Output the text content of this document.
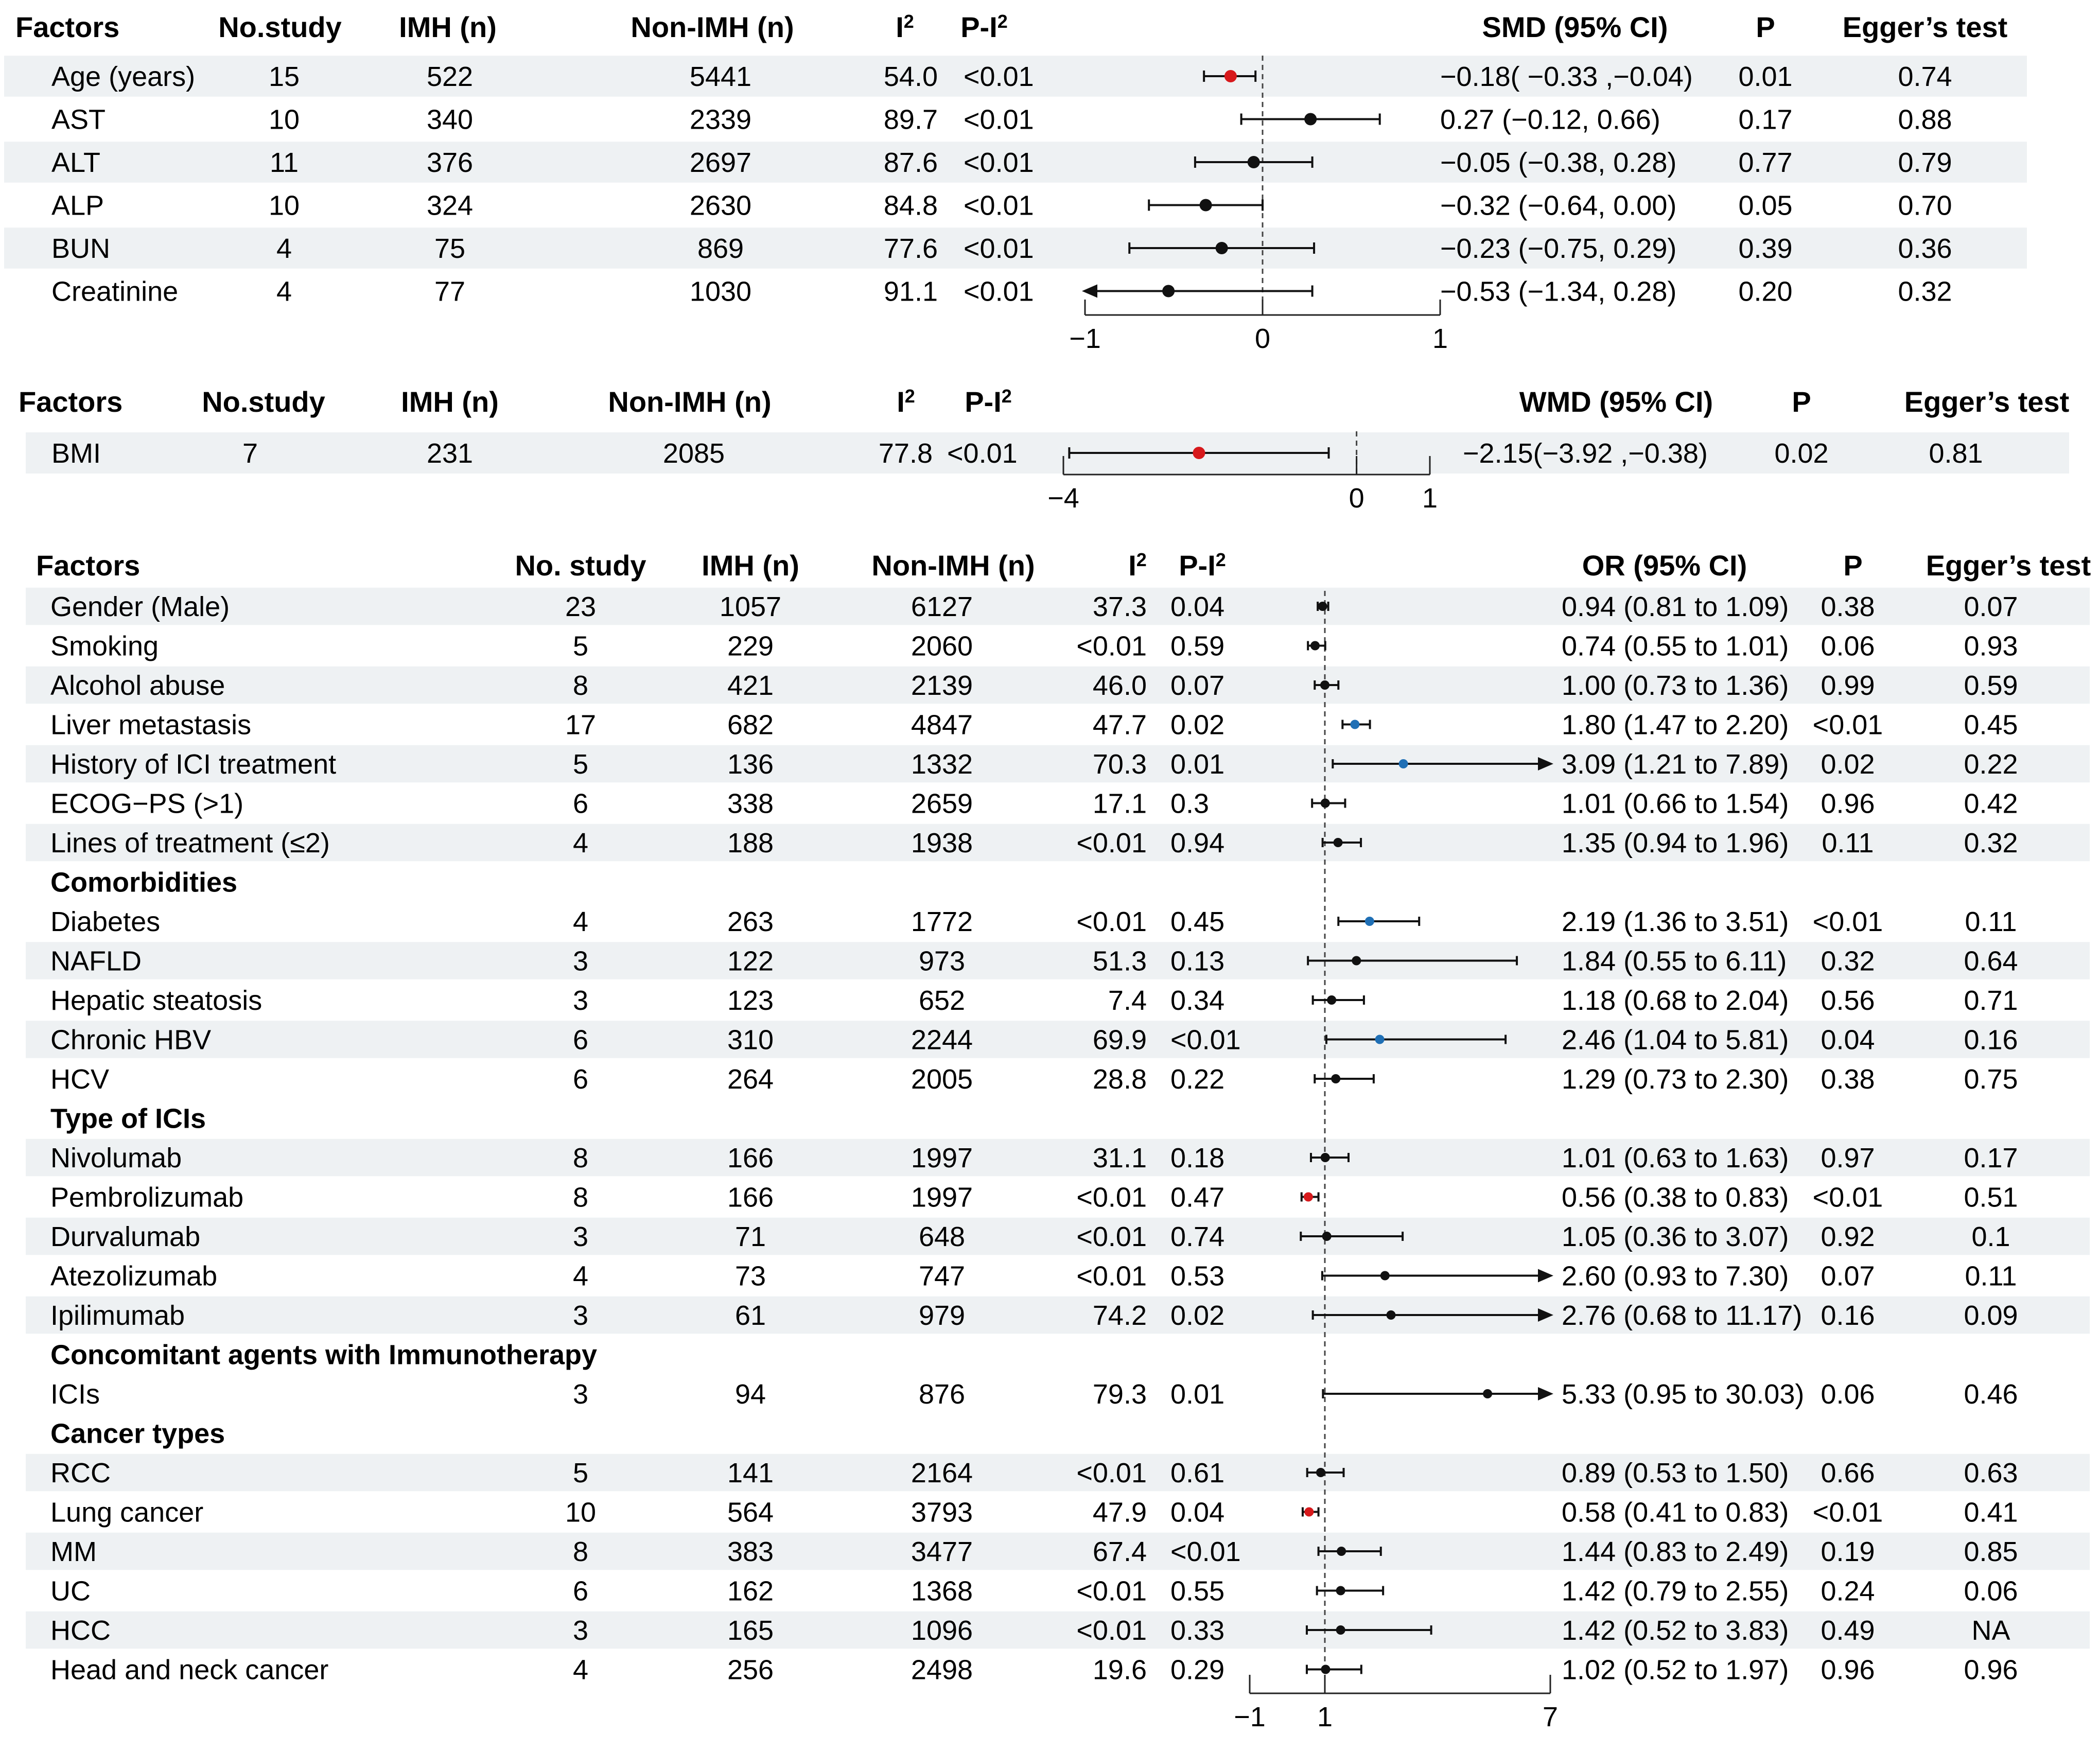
Factors	No.study IMH (n)	Non-IMH (n)	$I^2$ $P-I^2$	SMD (95% CI)	P Egger’s test
−1	0	1
Age (years)	15	522	5441	54.0 <0.01	−0.18( −0.33 ,−0.04) 0.01	0.74
AST	10	340	2339	89.7 <0.01	0.27 (−0.12, 0.66)	0.17	0.88
ALT	11	376	2697	87.6 <0.01	−0.05 (−0.38, 0.28) 0.77	0.79
ALP	10	324	2630	84.8 <0.01	−0.32 (−0.64, 0.00) 0.05	0.70
BUN	4	75	869	77.6 <0.01	−0.23 (−0.75, 0.29) 0.39	0.36
Creatinine	4	77	1030	91.1 <0.01	−0.53 (−1.34, 0.28) 0.20	0.32
Factors	No.study	IMH (n)	Non-IMH (n)	$I^2$ $P-I^2$	WMD (95% CI)	P	Egger’s test
−4	0 1
BMI	7	231	2085	77.8 <0.01	−2.15(−3.92 ,−0.38) 0.02	0.81
Factors	No. study IMH (n)	Non-IMH (n)	$I^2$ $P-I^2$	OR (95% CI)	P Egger’s test
−1 1	7
Gender (Male)	23	1057	6127	37.3 0.04	0.94 (0.81 to 1.09) 0.38	0.07
Smoking	5	229	2060	<0.01 0.59	0.74 (0.55 to 1.01) 0.06	0.93
Alcohol abuse	8	421	2139	46.0 0.07	1.00 (0.73 to 1.36) 0.99	0.59
Liver metastasis	17	682	4847	47.7 0.02	1.80 (1.47 to 2.20) <0.01	0.45
History of ICI treatment	5	136	1332	70.3 0.01	3.09 (1.21 to 7.89) 0.02	0.22
ECOG−PS (>1)	6	338	2659	17.1 0.3	1.01 (0.66 to 1.54) 0.96	0.42
Lines of treatment (≤2)	4	188	1938	<0.01 0.94	1.35 (0.94 to 1.96) 0.11	0.32
Comorbidities
Diabetes	4	263	1772	<0.01 0.45	2.19 (1.36 to 3.51) <0.01	0.11
NAFLD	3	122	973	51.3 0.13	1.84 (0.55 to 6.11) 0.32	0.64
Hepatic steatosis	3	123	652	7.4 0.34	1.18 (0.68 to 2.04) 0.56	0.71
Chronic HBV	6	310	2244	69.9 <0.01	2.46 (1.04 to 5.81) 0.04	0.16
HCV	6	264	2005	28.8 0.22	1.29 (0.73 to 2.30) 0.38	0.75
Type of ICIs
Nivolumab	8	166	1997	31.1 0.18	1.01 (0.63 to 1.63) 0.97	0.17
Pembrolizumab	8	166	1997	<0.01 0.47	0.56 (0.38 to 0.83) <0.01	0.51
Durvalumab	3	71	648	<0.01 0.74	1.05 (0.36 to 3.07) 0.92	0.1
Atezolizumab	4	73	747	<0.01 0.53	2.60 (0.93 to 7.30) 0.07	0.11
Ipilimumab	3	61	979	74.2 0.02	2.76 (0.68 to 11.17) 0.16	0.09
Concomitant agents with Immunotherapy
ICIs	3	94	876	79.3 0.01	5.33 (0.95 to 30.03) 0.06	0.46
Cancer types
RCC	5	141	2164	<0.01 0.61	0.89 (0.53 to 1.50) 0.66	0.63
Lung cancer	10	564	3793	47.9 0.04	0.58 (0.41 to 0.83) <0.01	0.41
MM	8	383	3477	67.4 <0.01	1.44 (0.83 to 2.49) 0.19	0.85
UC	6	162	1368	<0.01 0.55	1.42 (0.79 to 2.55) 0.24	0.06
HCC	3	165	1096	<0.01 0.33	1.42 (0.52 to 3.83) 0.49	NA
Head and neck cancer	4	256	2498	19.6 0.29	1.02 (0.52 to 1.97) 0.96	0.96
